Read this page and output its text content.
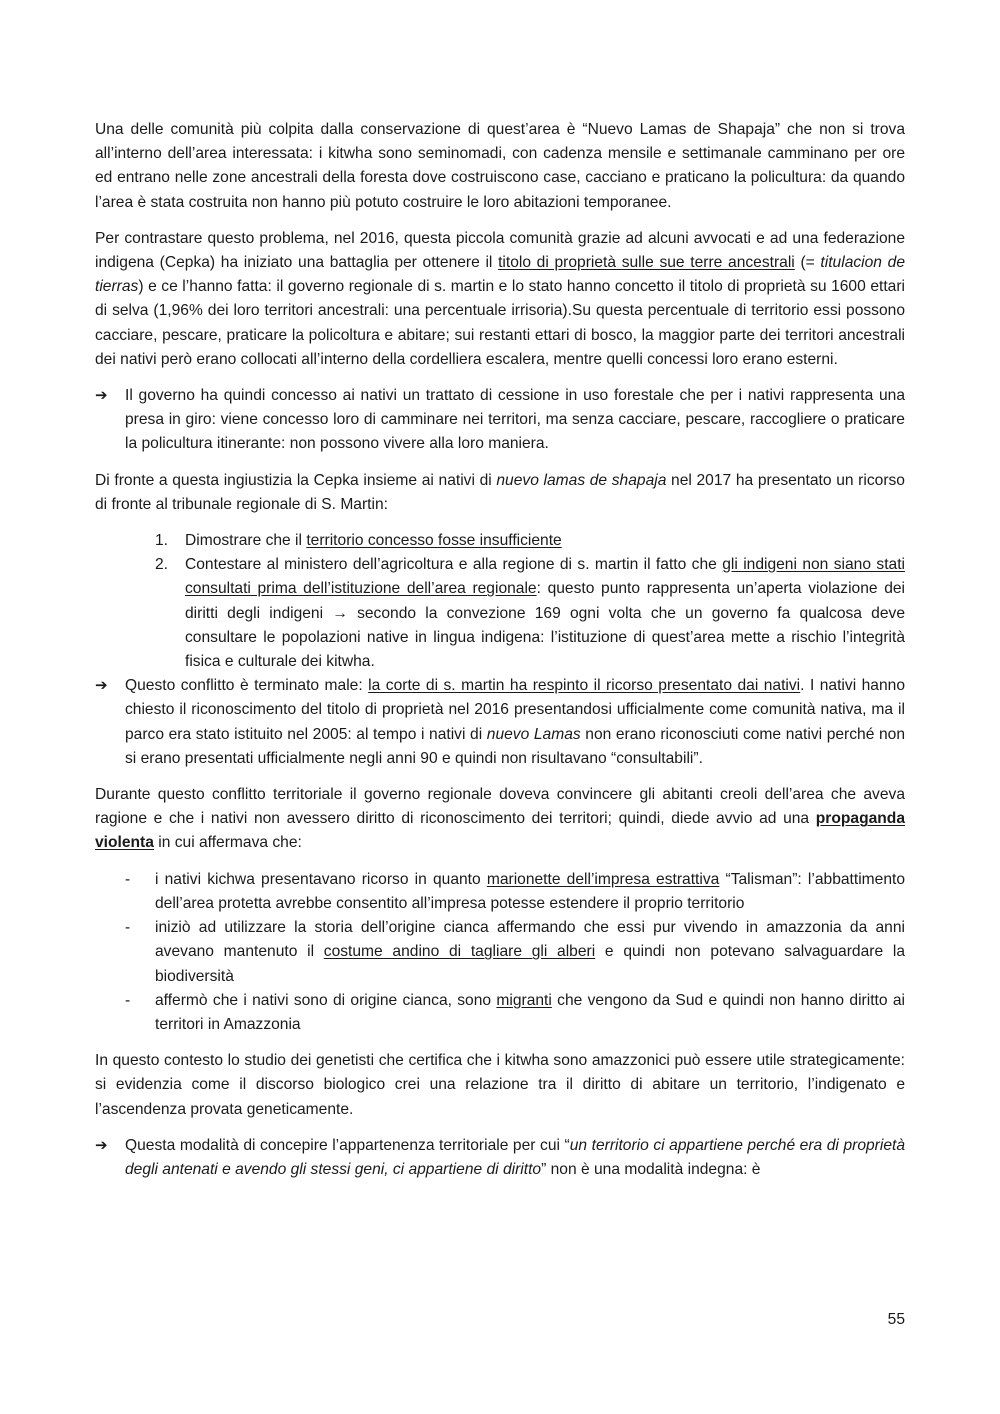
Una delle comunità più colpita dalla conservazione di quest’area è “Nuevo Lamas de Shapaja” che non si trova all’interno dell’area interessata: i kitwha sono seminomadi, con cadenza mensile e settimanale camminano per ore ed entrano nelle zone ancestrali della foresta dove costruiscono case, cacciano e praticano la policultura: da quando l’area è stata costruita non hanno più potuto costruire le loro abitazioni temporanee.

Per contrastare questo problema, nel 2016, questa piccola comunità grazie ad alcuni avvocati e ad una federazione indigena (Cepka) ha iniziato una battaglia per ottenere il titolo di proprietà sulle sue terre ancestrali (= titulacion de tierras) e ce l’hanno fatta: il governo regionale di s. martin e lo stato hanno concetto il titolo di proprietà su 1600 ettari di selva (1,96% dei loro territori ancestrali: una percentuale irrisoria).Su questa percentuale di territorio essi possono cacciare, pescare, praticare la policoltura e abitare; sui restanti ettari di bosco, la maggior parte dei territori ancestrali dei nativi però erano collocati all’interno della cordelliera escalera, mentre quelli concessi loro erano esterni.

➔	Il governo ha quindi concesso ai nativi un trattato di cessione in uso forestale che per i nativi rappresenta una presa in giro: viene concesso loro di camminare nei territori, ma senza cacciare, pescare, raccogliere o praticare la policultura itinerante: non possono vivere alla loro maniera.

Di fronte a questa ingiustizia la Cepka insieme ai nativi di nuevo lamas de shapaja nel 2017 ha presentato un ricorso di fronte al tribunale regionale di S. Martin:

1.	Dimostrare che il territorio concesso fosse insufficiente
2.	Contestare al ministero dell’agricoltura e alla regione di s. martin il fatto che gli indigeni non siano stati consultati prima dell’istituzione dell’area regionale: questo punto rappresenta un’aperta violazione dei diritti degli indigeni → secondo la convezione 169 ogni volta che un governo fa qualcosa deve consultare le popolazioni native in lingua indigena: l’istituzione di quest’area mette a rischio l’integrità fisica e culturale dei kitwha.
➔	Questo conflitto è terminato male: la corte di s. martin ha respinto il ricorso presentato dai nativi. I nativi hanno chiesto il riconoscimento del titolo di proprietà nel 2016 presentandosi ufficialmente come comunità nativa, ma il parco era stato istituito nel 2005: al tempo i nativi di nuevo Lamas non erano riconosciuti come nativi perché non si erano presentati ufficialmente negli anni 90 e quindi non risultavano “consultabili”.

Durante questo conflitto territoriale il governo regionale doveva convincere gli abitanti creoli dell’area che aveva ragione e che i nativi non avessero diritto di riconoscimento dei territori; quindi, diede avvio ad una propaganda violenta in cui affermava che:

-	i nativi kichwa presentavano ricorso in quanto marionette dell’impresa estrattiva “Talisman”: l’abbattimento dell’area protetta avrebbe consentito all’impresa potesse estendere il proprio territorio
-	iniziò ad utilizzare la storia dell’origine cianca affermando che essi pur vivendo in amazzonia da anni avevano mantenuto il costume andino di tagliare gli alberi e quindi non potevano salvaguardare la biodiversità
-	affermò che i nativi sono di origine cianca, sono migranti che vengono da Sud e quindi non hanno diritto ai territori in Amazzonia

In questo contesto lo studio dei genetisti che certifica che i kitwha sono amazzonici può essere utile strategicamente: si evidenzia come il discorso biologico crei una relazione tra il diritto di abitare un territorio, l’indigenato e l’ascendenza provata geneticamente.

➔	Questa modalità di concepire l’appartenenza territoriale per cui “un territorio ci appartiene perché era di proprietà degli antenati e avendo gli stessi geni, ci appartiene di diritto” non è una modalità indegna: è
55
